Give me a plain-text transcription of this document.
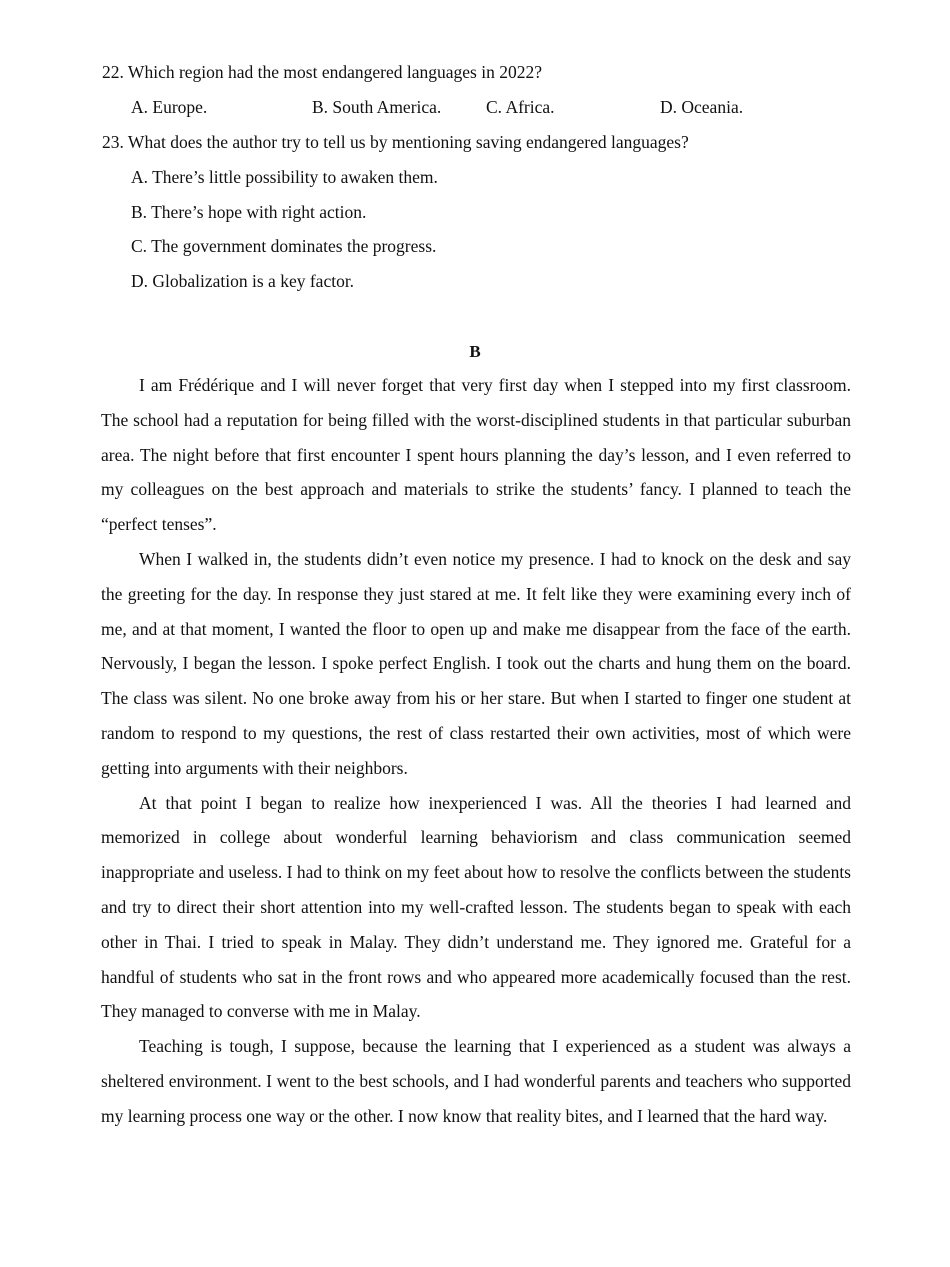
22. Which region had the most endangered languages in 2022?
A. Europe.	B. South America.	C. Africa.	D. Oceania.
23. What does the author try to tell us by mentioning saving endangered languages?
A. There’s little possibility to awaken them.
B. There’s hope with right action.
C. The government dominates the progress.
D. Globalization is a key factor.
B

I am Frédérique and I will never forget that very first day when I stepped into my first classroom. The school had a reputation for being filled with the worst-disciplined students in that particular suburban area. The night before that first encounter I spent hours planning the day’s lesson, and I even referred to my colleagues on the best approach and materials to strike the students’ fancy. I planned to teach the “perfect tenses”.

When I walked in, the students didn’t even notice my presence. I had to knock on the desk and say the greeting for the day. In response they just stared at me. It felt like they were examining every inch of me, and at that moment, I wanted the floor to open up and make me disappear from the face of the earth. Nervously, I began the lesson. I spoke perfect English. I took out the charts and hung them on the board. The class was silent. No one broke away from his or her stare. But when I started to finger one student at random to respond to my questions, the rest of class restarted their own activities, most of which were getting into arguments with their neighbors.

At that point I began to realize how inexperienced I was. All the theories I had learned and memorized in college about wonderful learning behaviorism and class communication seemed inappropriate and useless. I had to think on my feet about how to resolve the conflicts between the students and try to direct their short attention into my well-crafted lesson. The students began to speak with each other in Thai. I tried to speak in Malay. They didn’t understand me. They ignored me. Grateful for a handful of students who sat in the front rows and who appeared more academically focused than the rest. They managed to converse with me in Malay.

Teaching is tough, I suppose, because the learning that I experienced as a student was always a sheltered environment. I went to the best schools, and I had wonderful parents and teachers who supported my learning process one way or the other. I now know that reality bites, and I learned that the hard way.
